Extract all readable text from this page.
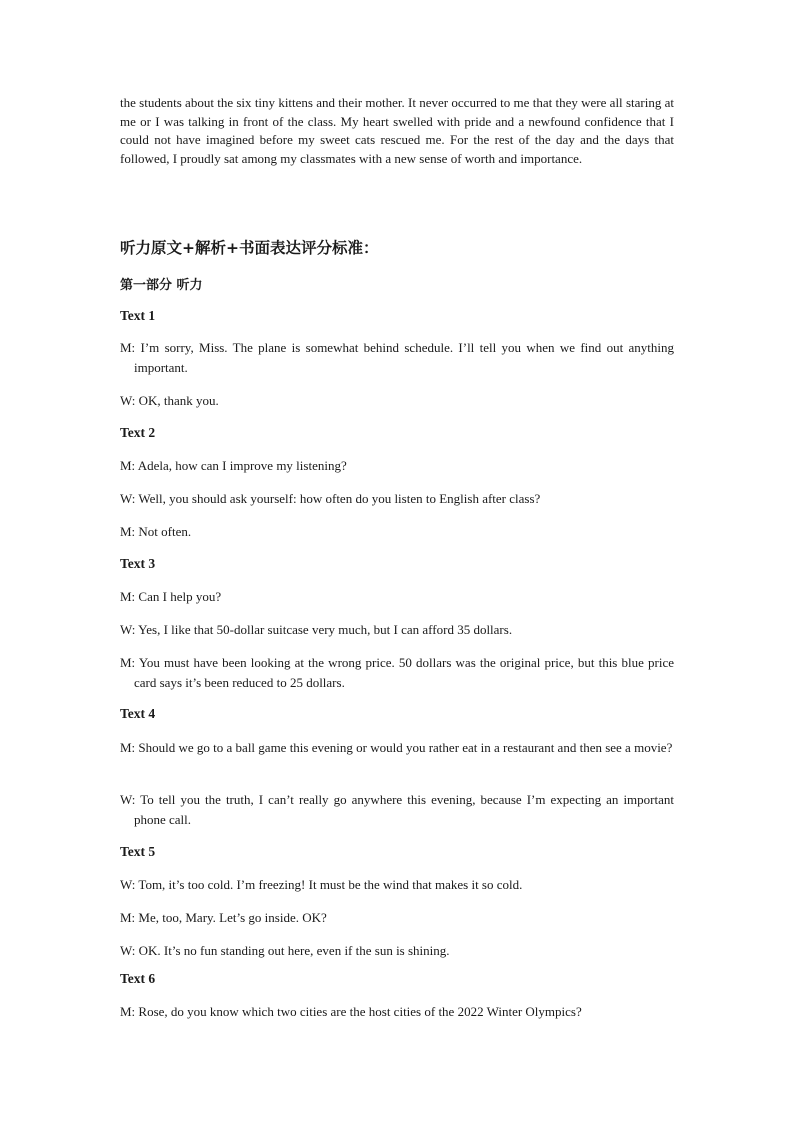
the students about the six tiny kittens and their mother. It never occurred to me that they were all staring at me or I was talking in front of the class. My heart swelled with pride and a newfound confidence that I could not have imagined before my sweet cats rescued me. For the rest of the day and the days that followed, I proudly sat among my classmates with a new sense of worth and importance.

听力原文+解析+书面表达评分标准：
第一部分 听力
Text 1

M: I’m sorry, Miss. The plane is somewhat behind schedule. I’ll tell you when we find out anything important.

W: OK, thank you.

Text 2

M: Adela, how can I improve my listening?

W: Well, you should ask yourself: how often do you listen to English after class?

M: Not often.

Text 3

M: Can I help you?

W: Yes, I like that 50-dollar suitcase very much, but I can afford 35 dollars.

M: You must have been looking at the wrong price. 50 dollars was the original price, but this blue price card says it’s been reduced to 25 dollars.

Text 4

M: Should we go to a ball game this evening or would you rather eat in a restaurant and then see a movie?

W: To tell you the truth, I can’t really go anywhere this evening, because I’m expecting an important phone call.

Text 5

W: Tom, it’s too cold. I’m freezing! It must be the wind that makes it so cold.

M: Me, too, Mary. Let’s go inside. OK?

W: OK. It’s no fun standing out here, even if the sun is shining.

Text 6

M: Rose, do you know which two cities are the host cities of the 2022 Winter Olympics?
